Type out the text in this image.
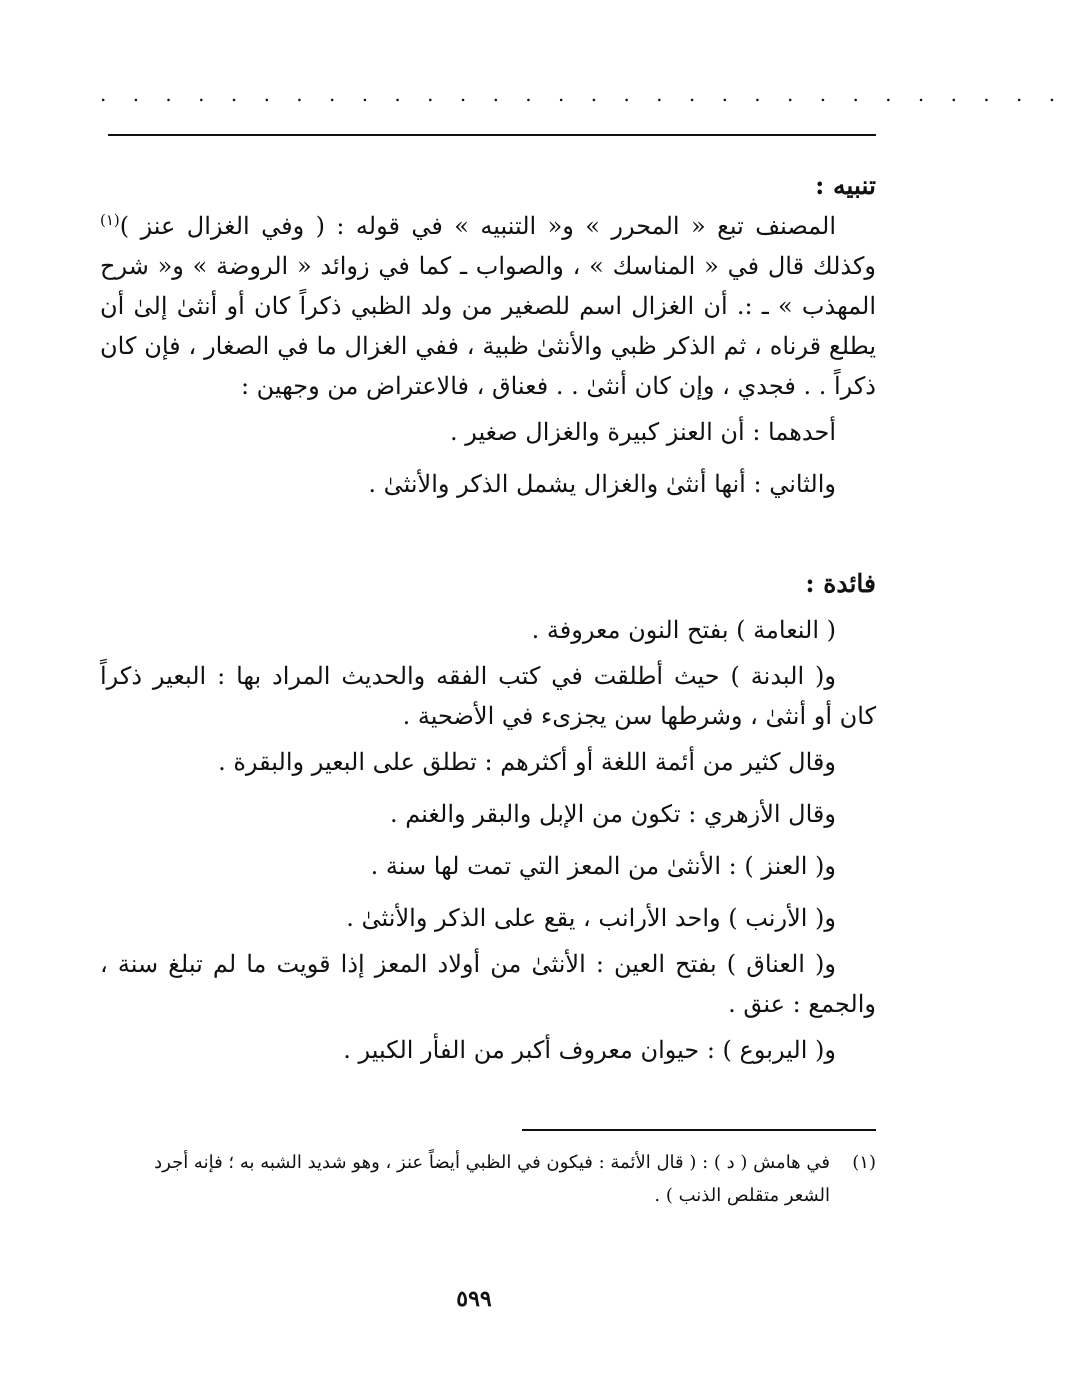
. . . . . . . . . . . . . . . . . . . . . . . . . . . . . .

تنبيه :

المصنف تبع « المحرر » و« التنبيه » في قوله : ( وفي الغزال عنز )$^{(١)}$ وكذلك قال في « المناسك » ، والصواب ـ كما في زوائد « الروضة » و« شرح المهذب » ـ :. أن الغزال اسم للصغير من ولد الظبي ذكراً كان أو أنثىٰ إلىٰ أن يطلع قرناه ، ثم الذكر ظبي والأنثىٰ ظبية ، ففي الغزال ما في الصغار ، فإن كان ذكراً . . فجدي ، وإن كان أنثىٰ . . فعناق ، فالاعتراض من وجهين :

أحدهما : أن العنز كبيرة والغزال صغير .

والثاني : أنها أنثىٰ والغزال يشمل الذكر والأنثىٰ .

فائدة :

( النعامة ) بفتح النون معروفة .

و( البدنة ) حيث أطلقت في كتب الفقه والحديث المراد بها : البعير ذكراً كان أو أنثىٰ ، وشرطها سن يجزىء في الأضحية .

وقال كثير من أئمة اللغة أو أكثرهم : تطلق على البعير والبقرة .

وقال الأزهري : تكون من الإبل والبقر والغنم .

و( العنز ) : الأنثىٰ من المعز التي تمت لها سنة .

و( الأرنب ) واحد الأرانب ، يقع على الذكر والأنثىٰ .

و( العناق ) بفتح العين : الأنثىٰ من أولاد المعز إذا قويت ما لم تبلغ سنة ، والجمع : عنق .

و( اليربوع ) : حيوان معروف أكبر من الفأر الكبير .

(١)في هامش ( د ) : ( قال الأئمة : فيكون في الظبي أيضاً عنز ، وهو شديد الشبه به ؛ فإنه أجرد
الشعر متقلص الذنب ) .
٥٩٩
